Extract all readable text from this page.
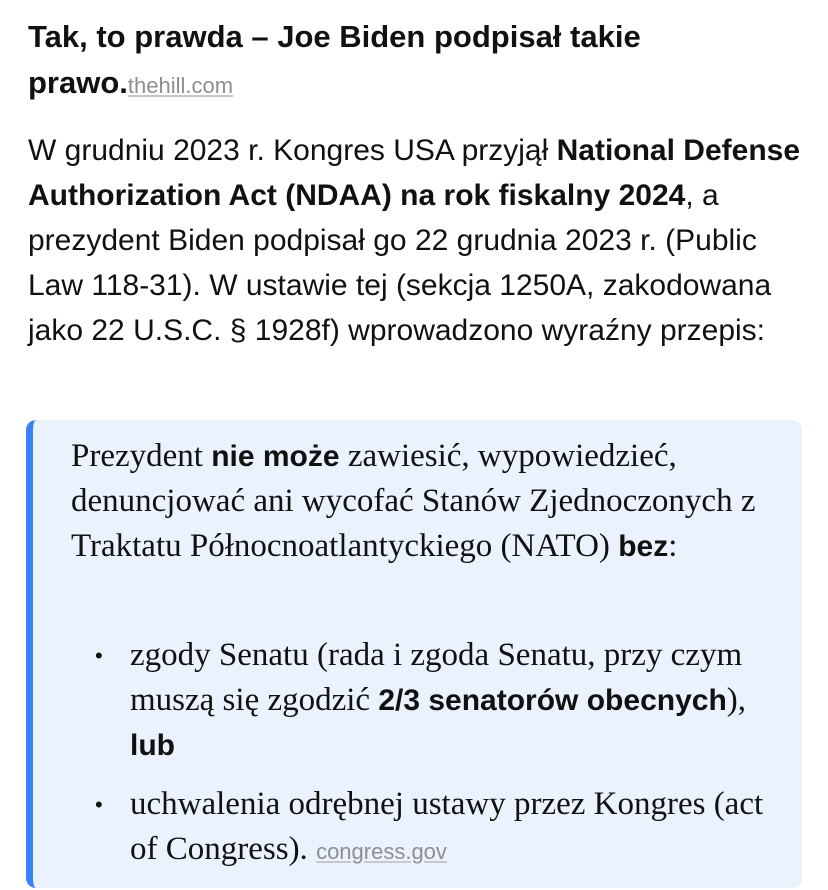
Tak, to prawda – Joe Biden podpisał takie prawo.thehill.com

W grudniu 2023 r. Kongres USA przyjął National Defense Authorization Act (NDAA) na rok fiskalny 2024, a prezydent Biden podpisał go 22 grudnia 2023 r. (Public Law 118-31). W ustawie tej (sekcja 1250A, zakodowana jako 22 U.S.C. § 1928f) wprowadzono wyraźny przepis:

Prezydent nie może zawiesić, wypowiedzieć, denuncjować ani wycofać Stanów Zjednoczonych z Traktatu Północnoatlantyckiego (NATO) bez:

• zgody Senatu (rada i zgoda Senatu, przy czym muszą się zgodzić 2/3 senatorów obecnych), lub
• uchwalenia odrębnej ustawy przez Kongres (act of Congress). congress.gov
